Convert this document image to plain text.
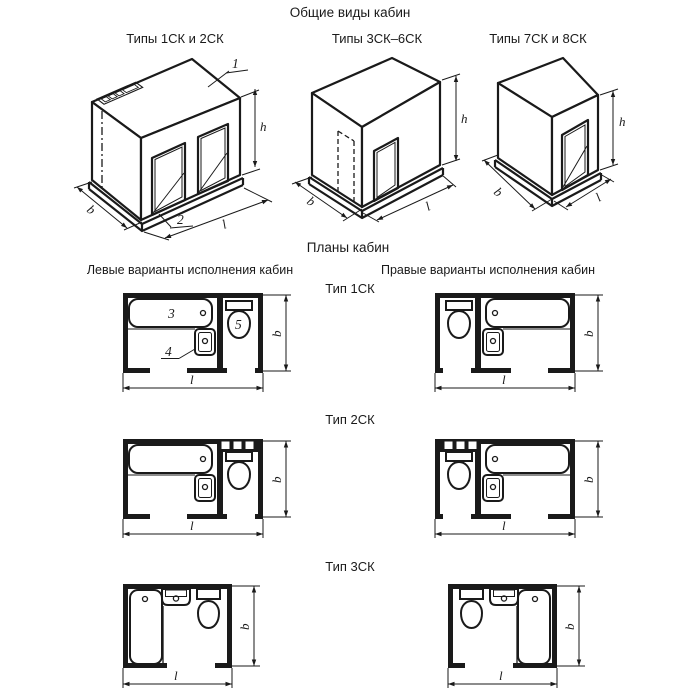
Общие виды кабин
Типы 1СК и 2СК	Типы 3СК–6СК	Типы 7СК и 8СК
1
2
h
b
l
h
b	l
h
b	l
Планы кабин
Левые варианты исполнения кабин	Правые варианты исполнения кабин
Тип 1СК
Тип 2СК
Тип 3СК
3
5
4
b
l
b
l
b
l
b
l
b
l
b
l
